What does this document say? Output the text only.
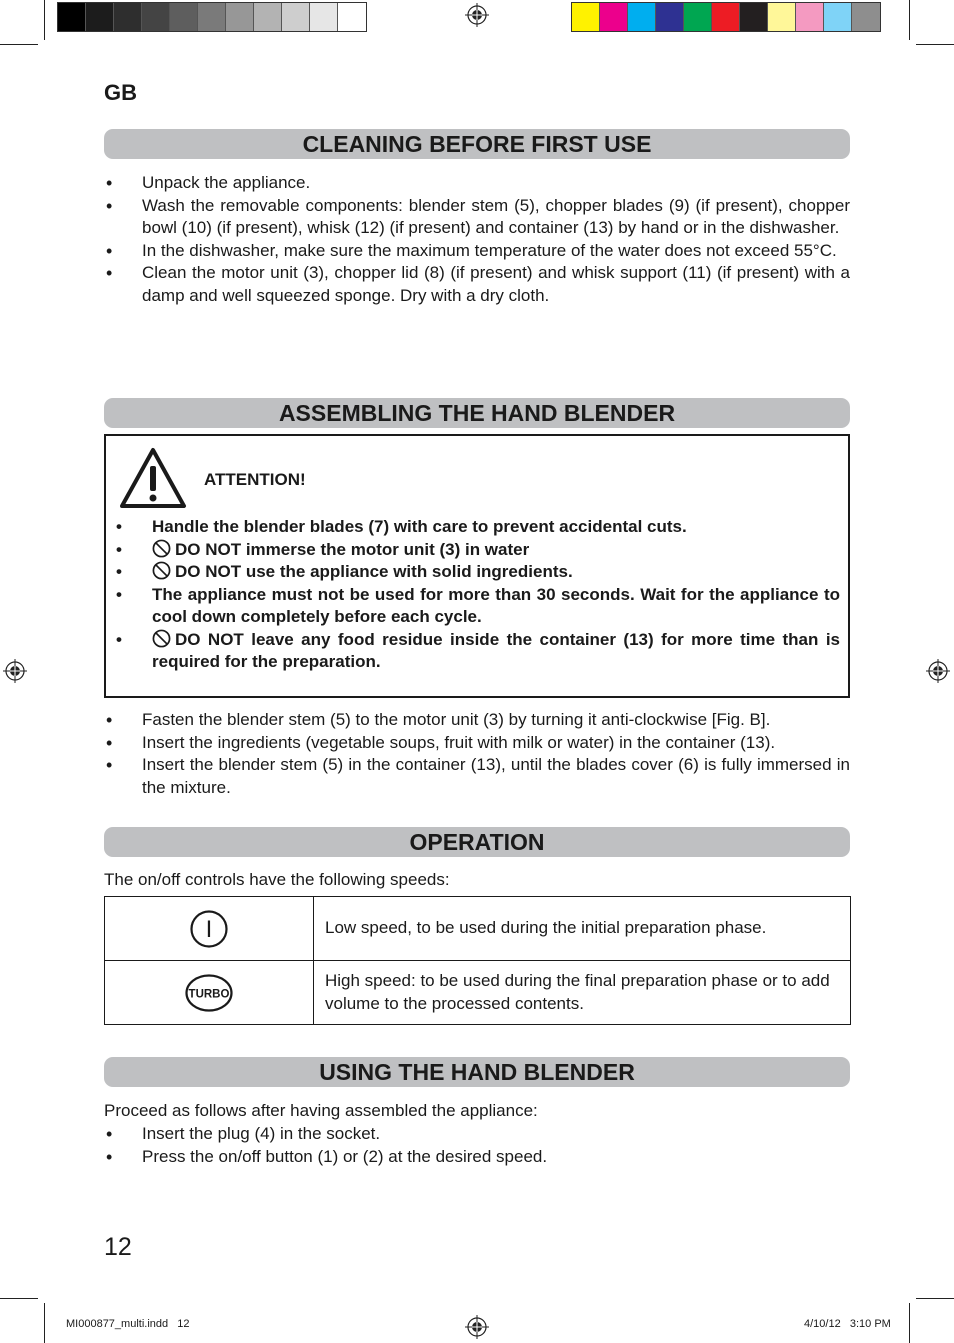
GB
CLEANING BEFORE FIRST USE
• Unpack the appliance.
• Wash the removable components: blender stem (5), chopper blades (9) (if present), chopper bowl (10) (if present), whisk (12) (if present) and container (13) by hand or in the dishwasher.
• In the dishwasher, make sure the maximum temperature of the water does not exceed 55°C.
• Clean the motor unit (3), chopper lid (8) (if present) and whisk support (11) (if present) with a damp and well squeezed sponge. Dry with a dry cloth.
ASSEMBLING THE HAND BLENDER
ATTENTION!
• Handle the blender blades (7) with care to prevent accidental cuts.
• DO NOT immerse the motor unit (3) in water
• DO NOT use the appliance with solid ingredients.
• The appliance must not be used for more than 30 seconds. Wait for the appliance to cool down completely before each cycle.
• DO NOT leave any food residue inside the container (13) for more time than is required for the preparation.
• Fasten the blender stem (5) to the motor unit (3) by turning it anti-clockwise [Fig. B].
• Insert the ingredients (vegetable soups, fruit with milk or water) in the container (13).
• Insert the blender stem (5) in the container (13), until the blades cover (6) is fully immersed in the mixture.
OPERATION
The on/off controls have the following speeds:
I	Low speed, to be used during the initial preparation phase.

TURBO	High speed: to be used during the final preparation phase or to add volume to the processed contents.
USING THE HAND BLENDER
Proceed as follows after having assembled the appliance:
• Insert the plug (4) in the socket.
• Press the on/off button (1) or (2) at the desired speed.
12
MI000877_multi.indd   12	4/10/12   3:10 PM
